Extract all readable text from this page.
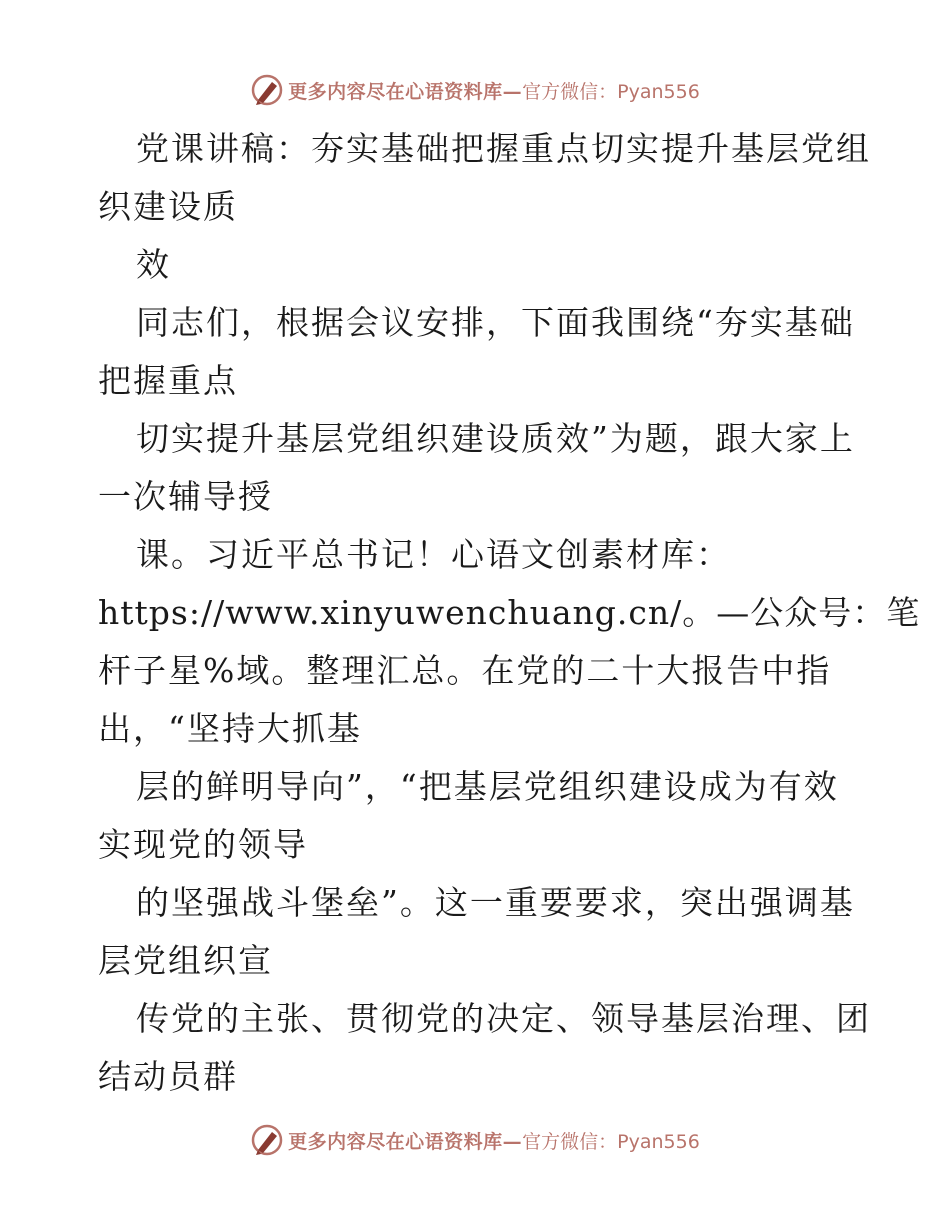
更多内容尽在心语资料库— 官方微信：Pyan556
党课讲稿：夯实基础把握重点切实提升基层党组
织建设质
效
同志们，根据会议安排，下面我围绕“夯实基础
把握重点
切实提升基层党组织建设质效”为题，跟大家上
一次辅导授
课。习近平总书记！心语文创素材库：
https://www.xinyuwenchuang.cn/。—公众号：笔
杆子星%域。整理汇总。在党的二十大报告中指
出，“坚持大抓基
层的鲜明导向”，“把基层党组织建设成为有效
实现党的领导
的坚强战斗堡垒”。这一重要要求，突出强调基
层党组织宣
传党的主张、贯彻党的决定、领导基层治理、团
结动员群
更多内容尽在心语资料库— 官方微信：Pyan556
